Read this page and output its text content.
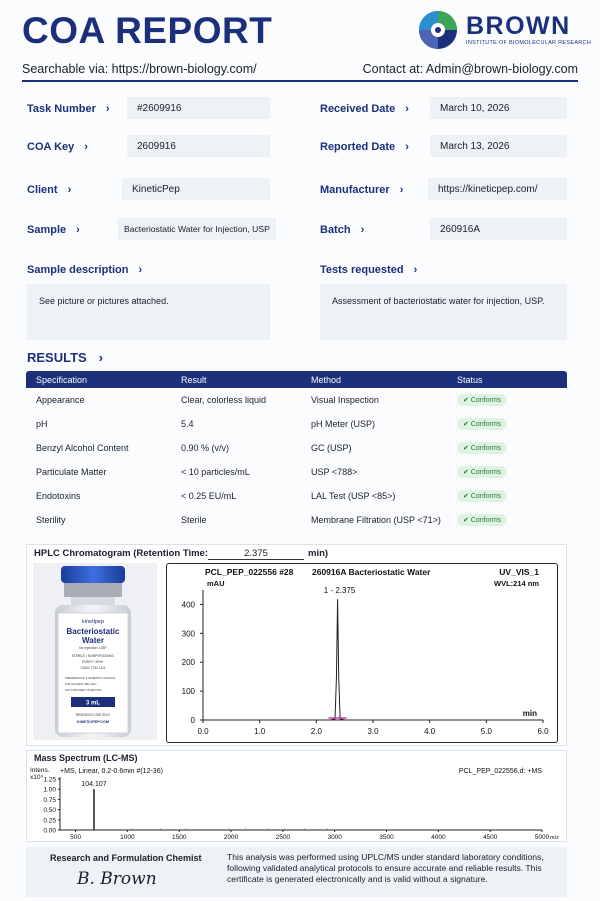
COA REPORT	BROWN
INSTITUTE OF BIOMOLECULAR RESEARCH
Searchable via: https://brown-biology.com/	Contact at: Admin@brown-biology.com
Task Number ›	#2609916	Received Date ›	March 10, 2026
COA Key ›	2609916	Reported Date ›	March 13, 2026
Client ›	KineticPep	Manufacturer ›	https://kineticpep.com/
Sample ›	Bacteriostatic Water for Injection, USP	Batch ›	260916A
Sample description ›
See picture or pictures attached.
Tests requested ›
Assessment of bacteriostatic water for injection, USP.
RESULTS ›
Specification	Result	Method	Status
Appearance	Clear, colorless liquid	Visual Inspection	✔ Conforms
pH	5.4	pH Meter (USP)	✔ Conforms
Benzyl Alcohol Content	0.90 % (v/v)	GC (USP)	✔ Conforms
Particulate Matter	< 10 particles/mL	USP <788>	✔ Conforms
Endotoxins	< 0.25 EU/mL	LAL Test (USP <85>)	✔ Conforms
Sterility	Sterile	Membrane Filtration (USP <71>)	✔ Conforms
HPLC Chromatogram (Retention Time:	2.375	min)
kinetipep
Bacteriostatic
Water
for Injection, USP
STERILE • NONPYROGENIC
PURITY: 99%+
CAS#: 7732-18-5
PRESERVATIVE: 0.9% BENZYL ALCOHOL
FOR SOLVENT USE ONLY
NOT FOR DIRECT INJECTION
3 mL
RESEARCH USE ONLY
KINETICPEP.COM
PCL_PEP_022556 #28 260916A Bacteriostatic Water	UV_VIS_1
mAU	WVL:214 nm
0
100
200
300
400
0.0	1.0	2.0	3.0	4.0	5.0	6.0
min
1 - 2.375
Mass Spectrum (LC-MS)
Intens.
x10⁹
+MS, Linear, 0.2-0.6min #(12-36)	PCL_PEP_022556.d: +MS
0.00
0.25
0.50
0.75
1.00
1.25
500	1000	1500	2000	2500	3000	3500	4000	4500	5000 m/z
104.107
Research and Formulation Chemist
B. Brown
This analysis was performed using UPLC/MS under standard laboratory conditions, following validated analytical protocols to ensure accurate and reliable results. This certificate is generated electronically and is valid without a signature.
